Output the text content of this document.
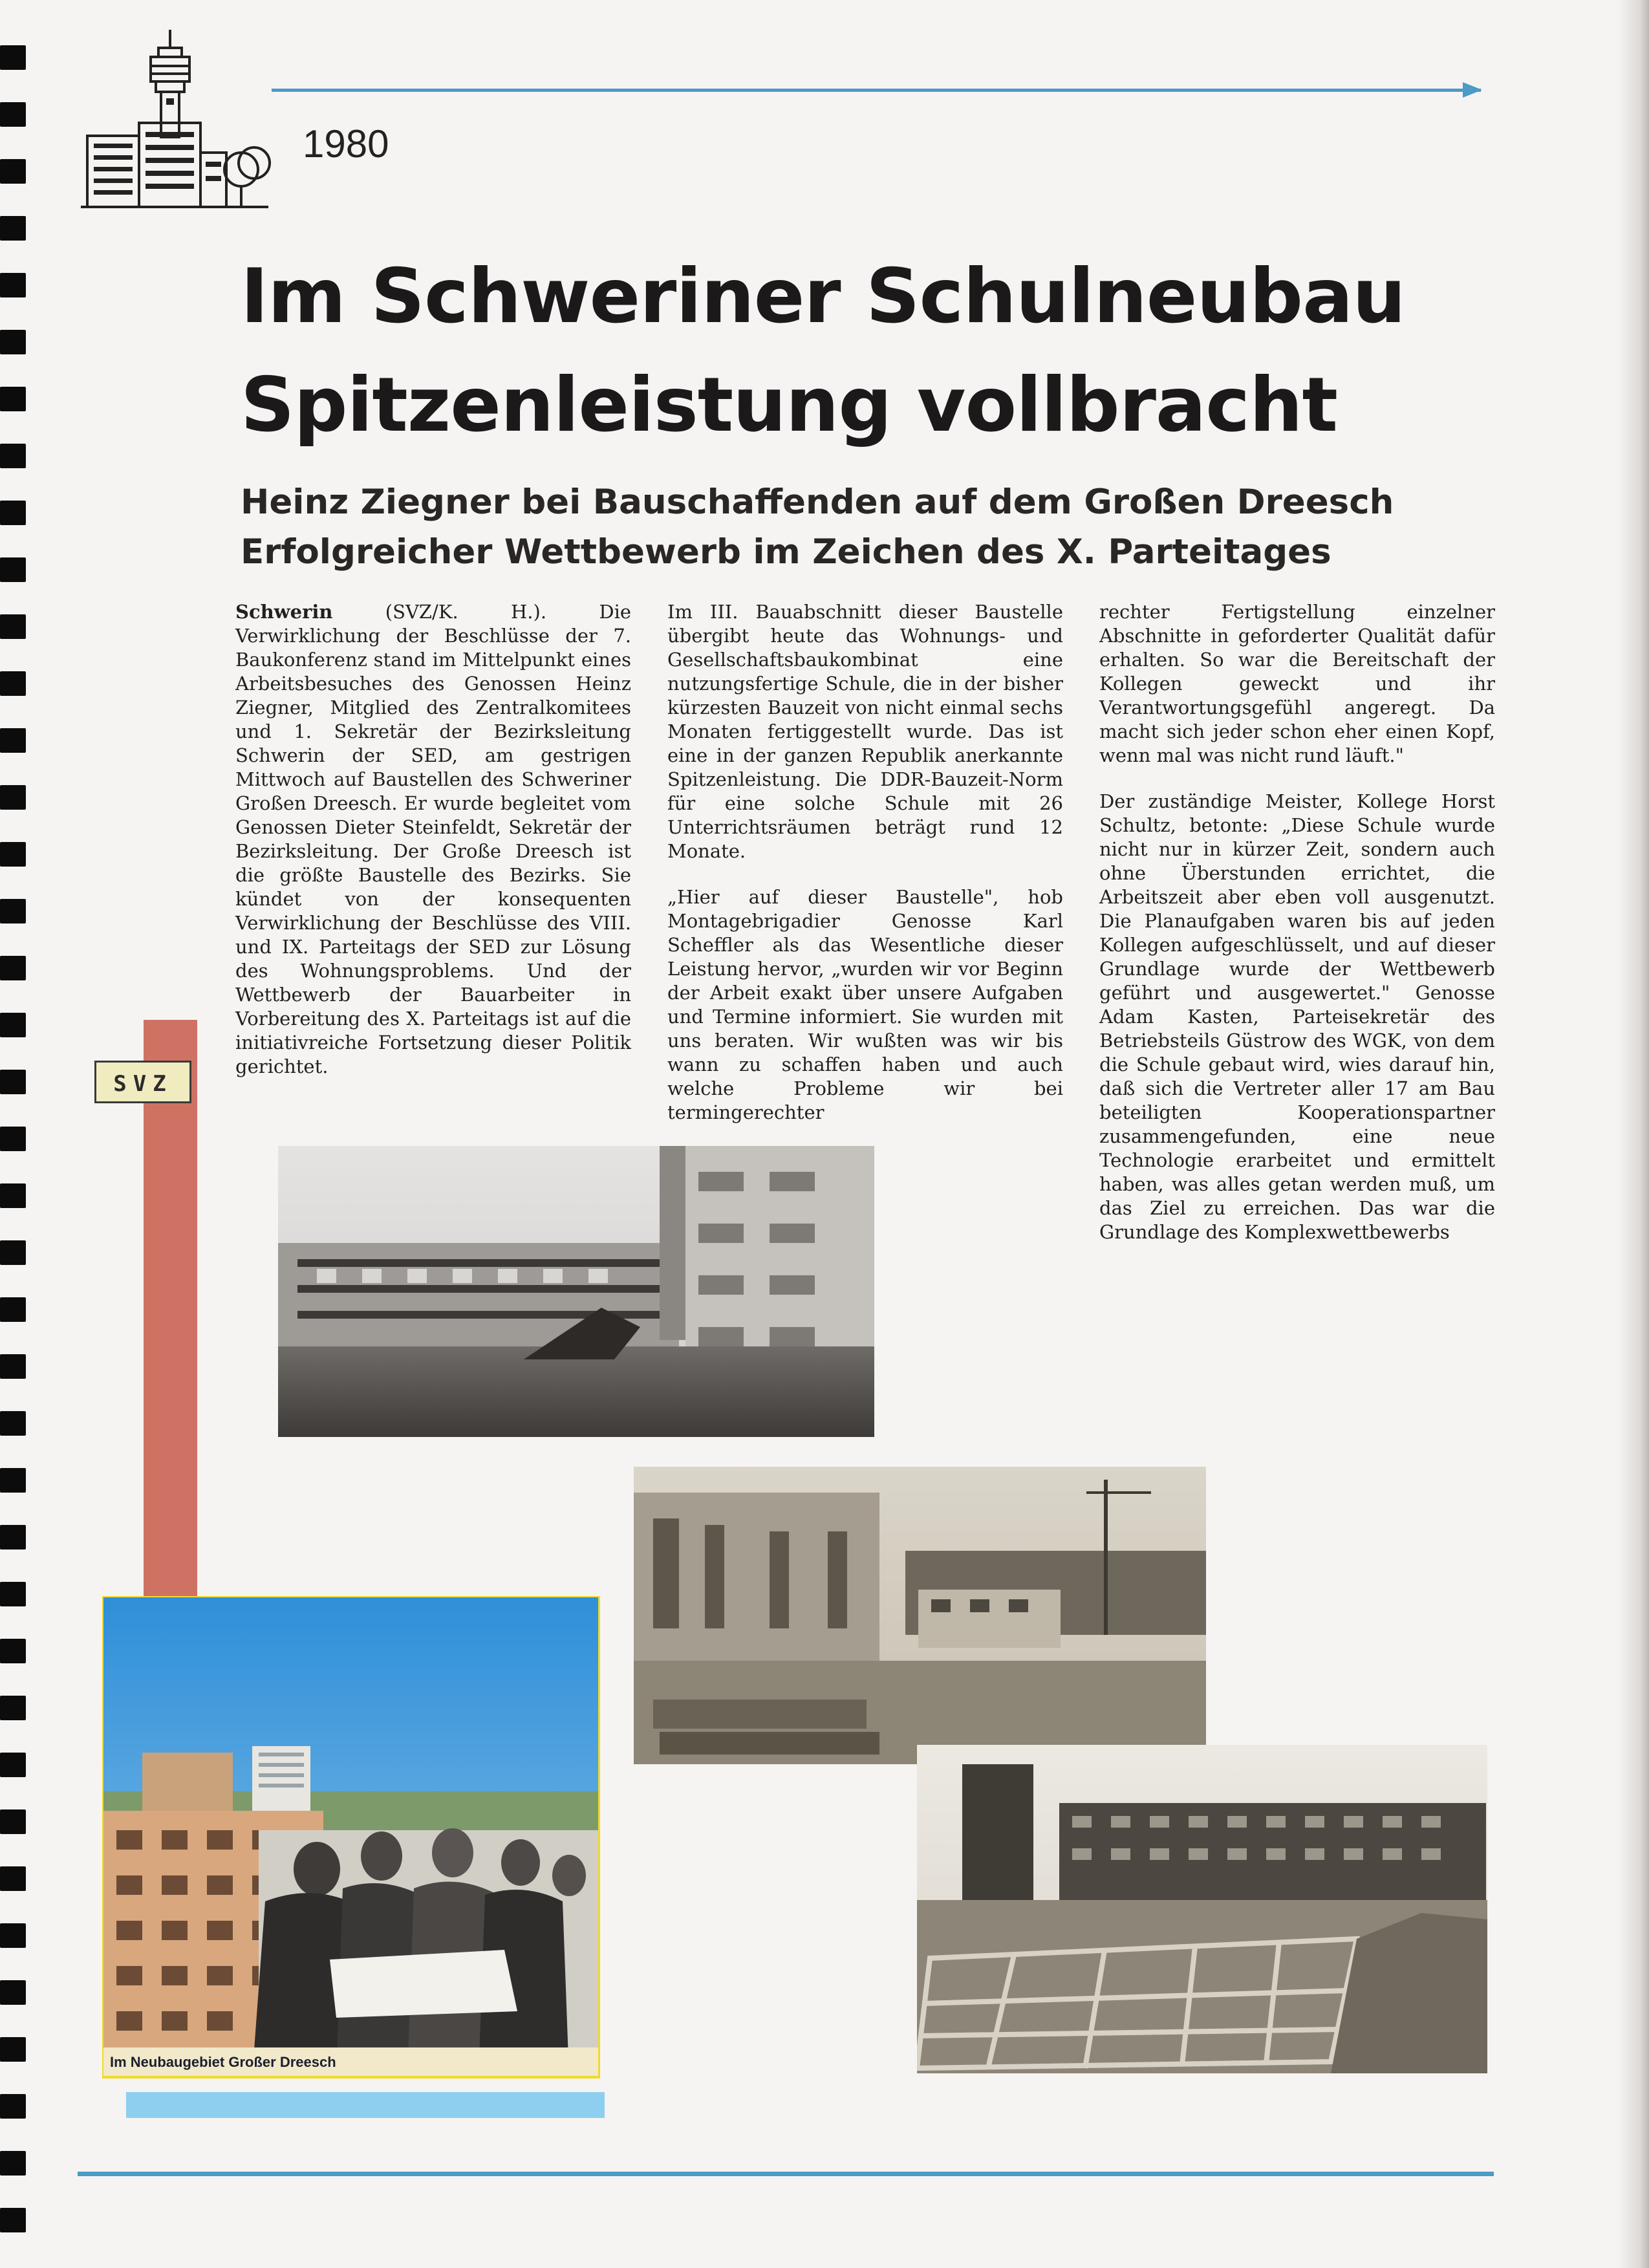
1980
Im Schweriner Schulneubau
Spitzenleistung vollbracht
Heinz Ziegner bei Bauschaffenden auf dem Großen Dreesch
Erfolgreicher Wettbewerb im Zeichen des X. Parteitages

Schwerin	(SVZ/K. H.). Die Verwirklichung der Beschlüsse der 7. Baukonferenz stand im Mittelpunkt eines Arbeitsbesuches des Genossen Heinz Ziegner, Mitglied des Zentralkomitees und 1. Sekretär der Bezirksleitung Schwerin der SED, am gestrigen Mittwoch auf Baustellen des Schweriner Großen Dreesch. Er wurde begleitet vom Genossen Dieter Steinfeldt, Sekretär der Bezirksleitung. Der Große Dreesch ist die größte Baustelle des Bezirks. Sie kündet von der konsequenten Verwirklichung der Beschlüsse des VIII. und IX. Parteitags der SED zur Lösung des Wohnungsproblems. Und der Wettbewerb der Bauarbeiter in Vorbereitung des X. Parteitags ist auf die initiativreiche Fortsetzung dieser Politik gerichtet.

Im III. Bauabschnitt dieser Baustelle übergibt heute das Wohnungs- und Gesellschaftsbaukombinat eine nutzungsfertige Schule, die in der bisher kürzesten Bauzeit von nicht einmal sechs Monaten fertiggestellt wurde. Das ist eine in der ganzen Republik anerkannte Spitzenleistung. Die DDR-Bauzeit-Norm für eine solche Schule mit 26 Unterrichtsräumen beträgt rund 12 Monate.

„Hier auf dieser Baustelle", hob Montagebrigadier Genosse Karl Scheffler als das Wesentliche dieser Leistung hervor, „wurden wir vor Beginn der Arbeit exakt über unsere Aufgaben und Termine informiert. Sie wurden mit uns beraten. Wir wußten was wir bis wann zu schaffen haben und auch welche Probleme wir bei termingerechter

rechter Fertigstellung einzelner Abschnitte in geforderter Qualität dafür erhalten. So war die Bereitschaft der Kollegen geweckt und ihr Verantwortungsgefühl angeregt. Da macht sich jeder schon eher einen Kopf, wenn mal was nicht rund läuft."

Der zuständige Meister, Kollege Horst Schultz, betonte: „Diese Schule wurde nicht nur in kürzer Zeit, sondern auch ohne Überstunden errichtet, die Arbeitszeit aber eben voll ausgenutzt. Die Planaufgaben waren bis auf jeden Kollegen aufgeschlüsselt, und auf dieser Grundlage wurde der Wettbewerb geführt und ausgewertet." Genosse Adam Kasten, Parteisekretär des Betriebsteils Güstrow des WGK, von dem die Schule gebaut wird, wies darauf hin, daß sich die Vertreter aller 17 am Bau beteiligten Kooperationspartner zusammengefunden, eine neue Technologie erarbeitet und ermittelt haben, was alles getan werden muß, um das Ziel zu erreichen. Das war die Grundlage des Komplexwettbewerbs

SVZ
Im Neubaugebiet Großer Dreesch
